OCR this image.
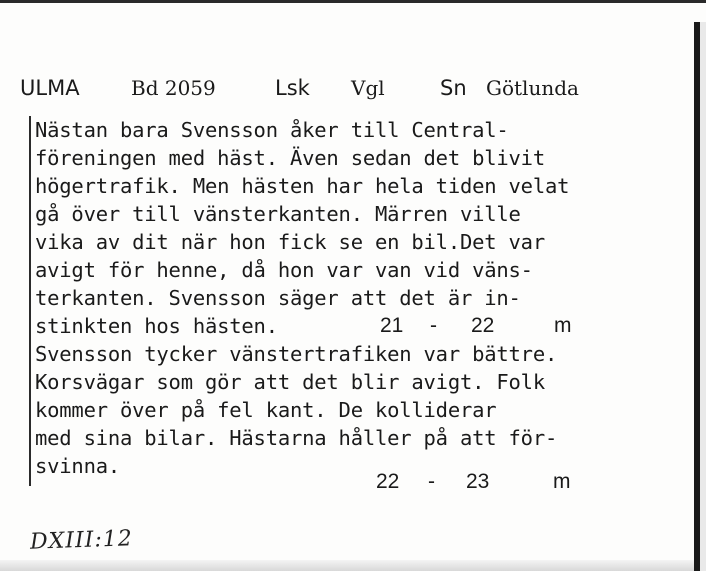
ULMA	Bd 2059	Lsk Vgl	Sn Götlunda
Nästan bara Svensson åker till Central-
föreningen med häst. Även sedan det blivit
högertrafik. Men hästen har hela tiden velat
gå över till vänsterkanten. Märren ville
vika av dit när hon fick se en bil.Det var
avigt för henne, då hon var van vid väns-
terkanten. Svensson säger att det är in-
stinkten hos hästen.
Svensson tycker vänstertrafiken var bättre.
Korsvägar som gör att det blir avigt. Folk
kommer över på fel kant. De kolliderar
med sina bilar. Hästarna håller på att för-
svinna.
21 - 22	m
22 - 23	m
DXIII:12
